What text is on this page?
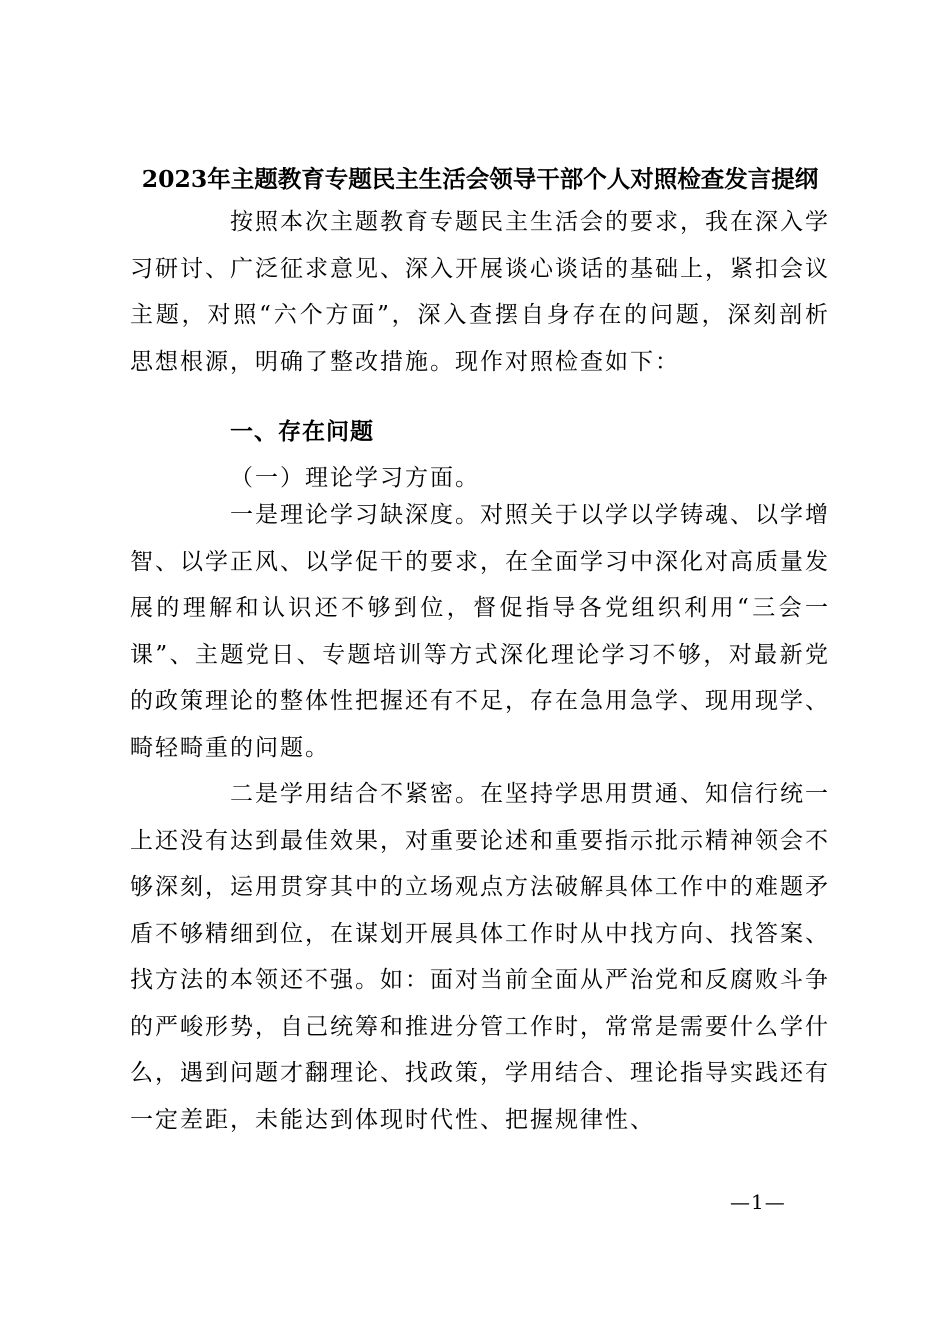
2023年主题教育专题民主生活会领导干部个人对照检查发言提纲
按照本次主题教育专题民主生活会的要求，我在深入学习研讨、广泛征求意见、深入开展谈心谈话的基础上，紧扣会议主题，对照“六个方面”，深入查摆自身存在的问题，深刻剖析思想根源，明确了整改措施。现作对照检查如下：
一、存在问题
（一）理论学习方面。
一是理论学习缺深度。对照关于以学以学铸魂、以学增智、以学正风、以学促干的要求，在全面学习中深化对高质量发展的理解和认识还不够到位，督促指导各党组织利用“三会一课”、主题党日、专题培训等方式深化理论学习不够，对最新党的政策理论的整体性把握还有不足，存在急用急学、现用现学、畸轻畸重的问题。
二是学用结合不紧密。在坚持学思用贯通、知信行统一上还没有达到最佳效果，对重要论述和重要指示批示精神领会不够深刻，运用贯穿其中的立场观点方法破解具体工作中的难题矛盾不够精细到位，在谋划开展具体工作时从中找方向、找答案、找方法的本领还不强。如：面对当前全面从严治党和反腐败斗争的严峻形势，自己统筹和推进分管工作时，常常是需要什么学什么，遇到问题才翻理论、找政策，学用结合、理论指导实践还有一定差距，未能达到体现时代性、把握规律性、
—1—
